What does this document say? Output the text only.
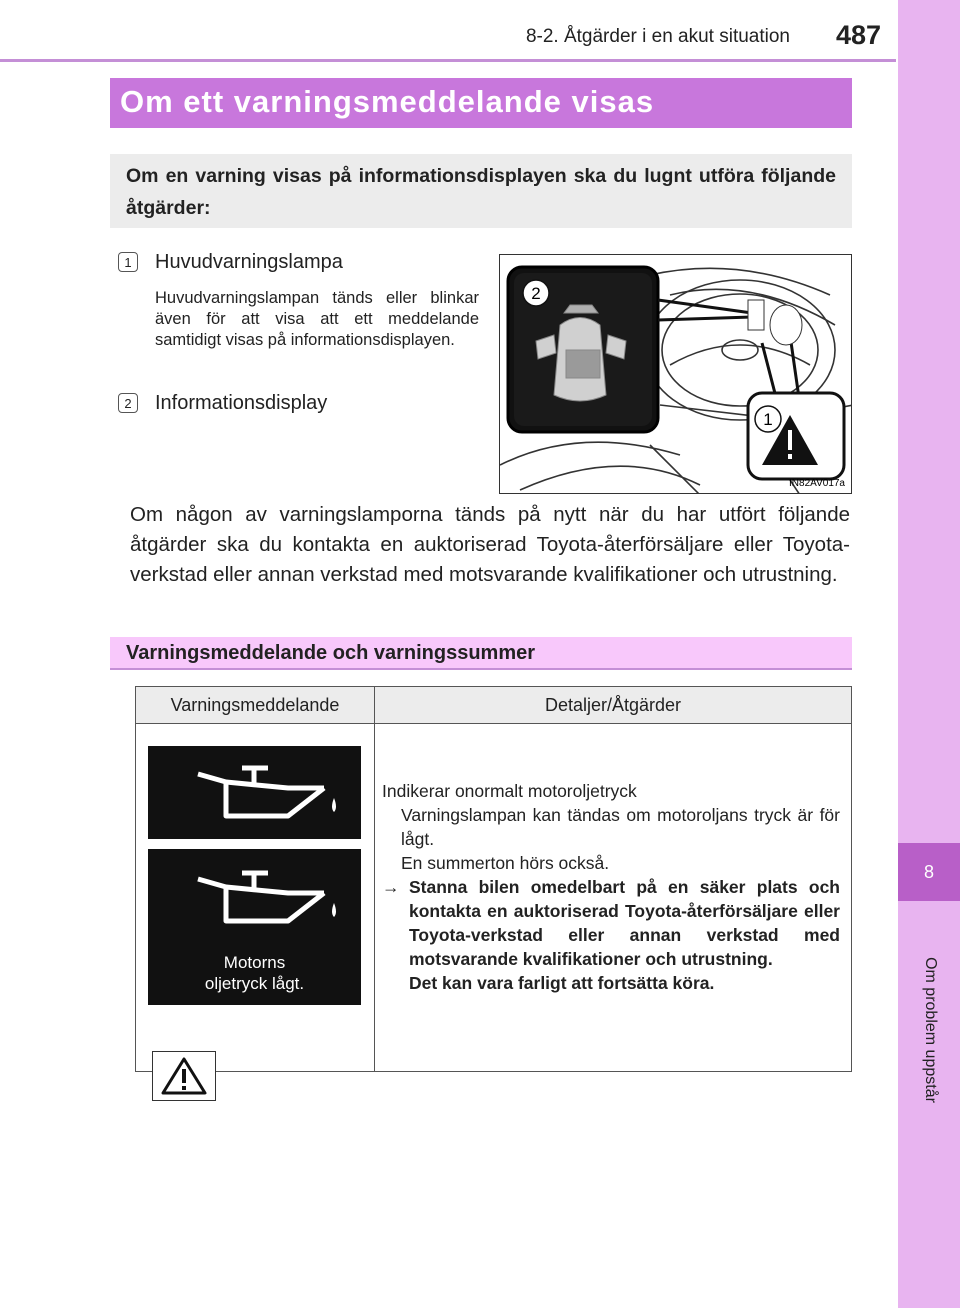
8-2. Åtgärder i en akut situation 487
8
Om problem uppstår
Om ett varningsmeddelande visas
Om en varning visas på informationsdisplayen ska du lugnt utföra följande åtgärder:
1	Huvudvarningslampa
Huvudvarningslampan tänds eller blinkar även för att visa att ett meddelande samtidigt visas på informationsdisplayen.
2	Informationsdisplay
2
1
IN82AV017a
Om någon av varningslamporna tänds på nytt när du har utfört följande åtgärder ska du kontakta en auktoriserad Toyota-återförsäljare eller Toyota-verkstad eller annan verkstad med motsvarande kvalifikationer och utrustning.
Varningsmeddelande och varningssummer
Varningsmeddelande	Detaljer/Åtgärder
Motorns
oljetryck lågt.
Indikerar onormalt motoroljetryck
Varningslampan kan tändas om motoroljans tryck är för lågt.
En summerton hörs också.
→ Stanna bilen omedelbart på en säker plats och kontakta en auktoriserad Toyota-återförsäljare eller Toyota-verkstad eller annan verkstad med motsvarande kvalifikationer och utrustning.
Det kan vara farligt att fortsätta köra.
